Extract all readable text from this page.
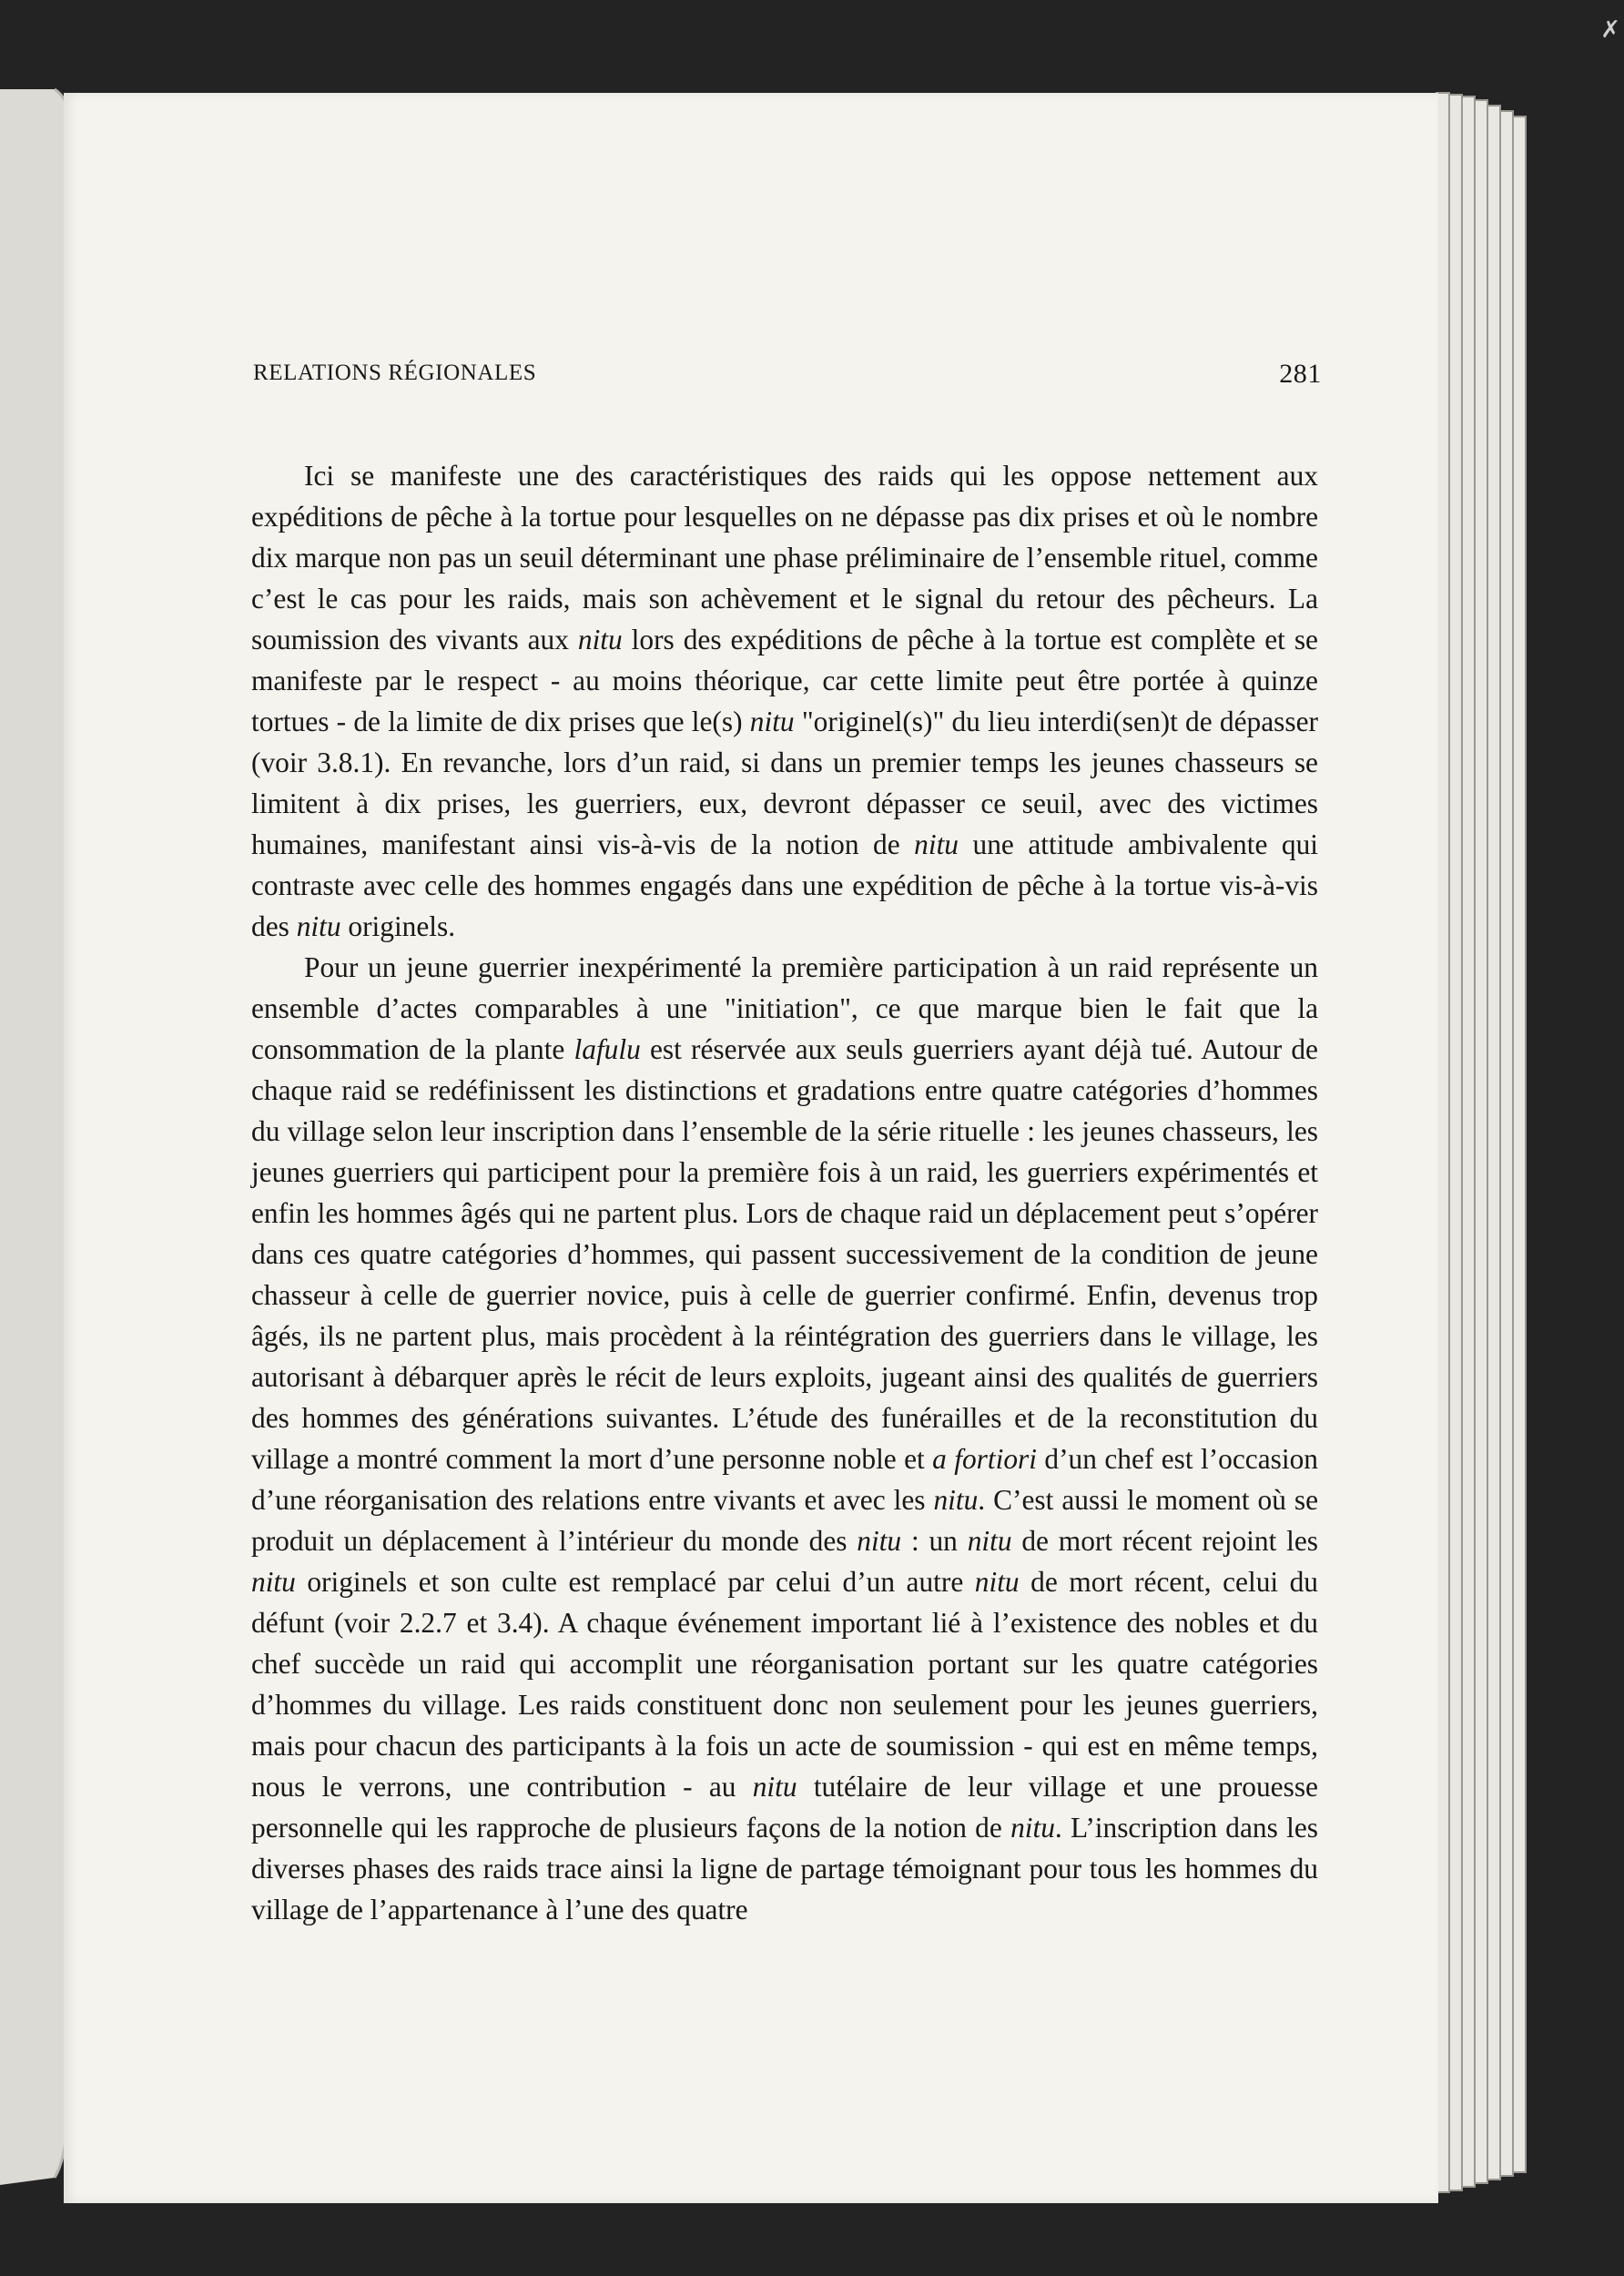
RELATIONS RÉGIONALES	281

Ici se manifeste une des caractéristiques des raids qui les oppose nettement aux expéditions de pêche à la tortue pour lesquelles on ne dépasse pas dix prises et où le nombre dix marque non pas un seuil déterminant une phase préliminaire de l’ensemble rituel, comme c’est le cas pour les raids, mais son achèvement et le signal du retour des pêcheurs. La soumission des vivants aux nitu lors des expéditions de pêche à la tortue est complète et se manifeste par le respect - au moins théorique, car cette limite peut être portée à quinze tortues - de la limite de dix prises que le(s) nitu "originel(s)" du lieu interdi(sen)t de dépasser (voir 3.8.1). En revanche, lors d’un raid, si dans un premier temps les jeunes chasseurs se limitent à dix prises, les guerriers, eux, devront dépasser ce seuil, avec des victimes humaines, manifestant ainsi vis-à-vis de la notion de nitu une attitude ambivalente qui contraste avec celle des hommes engagés dans une expédition de pêche à la tortue vis-à-vis des nitu originels.

Pour un jeune guerrier inexpérimenté la première participation à un raid représente un ensemble d’actes comparables à une "initiation", ce que marque bien le fait que la consommation de la plante lafulu est réservée aux seuls guerriers ayant déjà tué. Autour de chaque raid se redéfinissent les distinctions et gradations entre quatre catégories d’hommes du village selon leur inscription dans l’ensemble de la série rituelle : les jeunes chasseurs, les jeunes guerriers qui participent pour la première fois à un raid, les guerriers expérimentés et enfin les hommes âgés qui ne partent plus. Lors de chaque raid un déplacement peut s’opérer dans ces quatre catégories d’hommes, qui passent successivement de la condition de jeune chasseur à celle de guerrier novice, puis à celle de guerrier confirmé. Enfin, devenus trop âgés, ils ne partent plus, mais procèdent à la réintégration des guerriers dans le village, les autorisant à débarquer après le récit de leurs exploits, jugeant ainsi des qualités de guerriers des hommes des générations suivantes. L’étude des funérailles et de la reconstitution du village a montré comment la mort d’une personne noble et a fortiori d’un chef est l’occasion d’une réorganisation des relations entre vivants et avec les nitu. C’est aussi le moment où se produit un déplacement à l’intérieur du monde des nitu : un nitu de mort récent rejoint les nitu originels et son culte est remplacé par celui d’un autre nitu de mort récent, celui du défunt (voir 2.2.7 et 3.4). A chaque événement important lié à l’existence des nobles et du chef succède un raid qui accomplit une réorganisation portant sur les quatre catégories d’hommes du village. Les raids constituent donc non seulement pour les jeunes guerriers, mais pour chacun des participants à la fois un acte de soumission - qui est en même temps, nous le verrons, une contribution - au nitu tutélaire de leur village et une prouesse personnelle qui les rapproche de plusieurs façons de la notion de nitu. L’inscription dans les diverses phases des raids trace ainsi la ligne de partage témoignant pour tous les hommes du village de l’appartenance à l’une des quatre

✗
